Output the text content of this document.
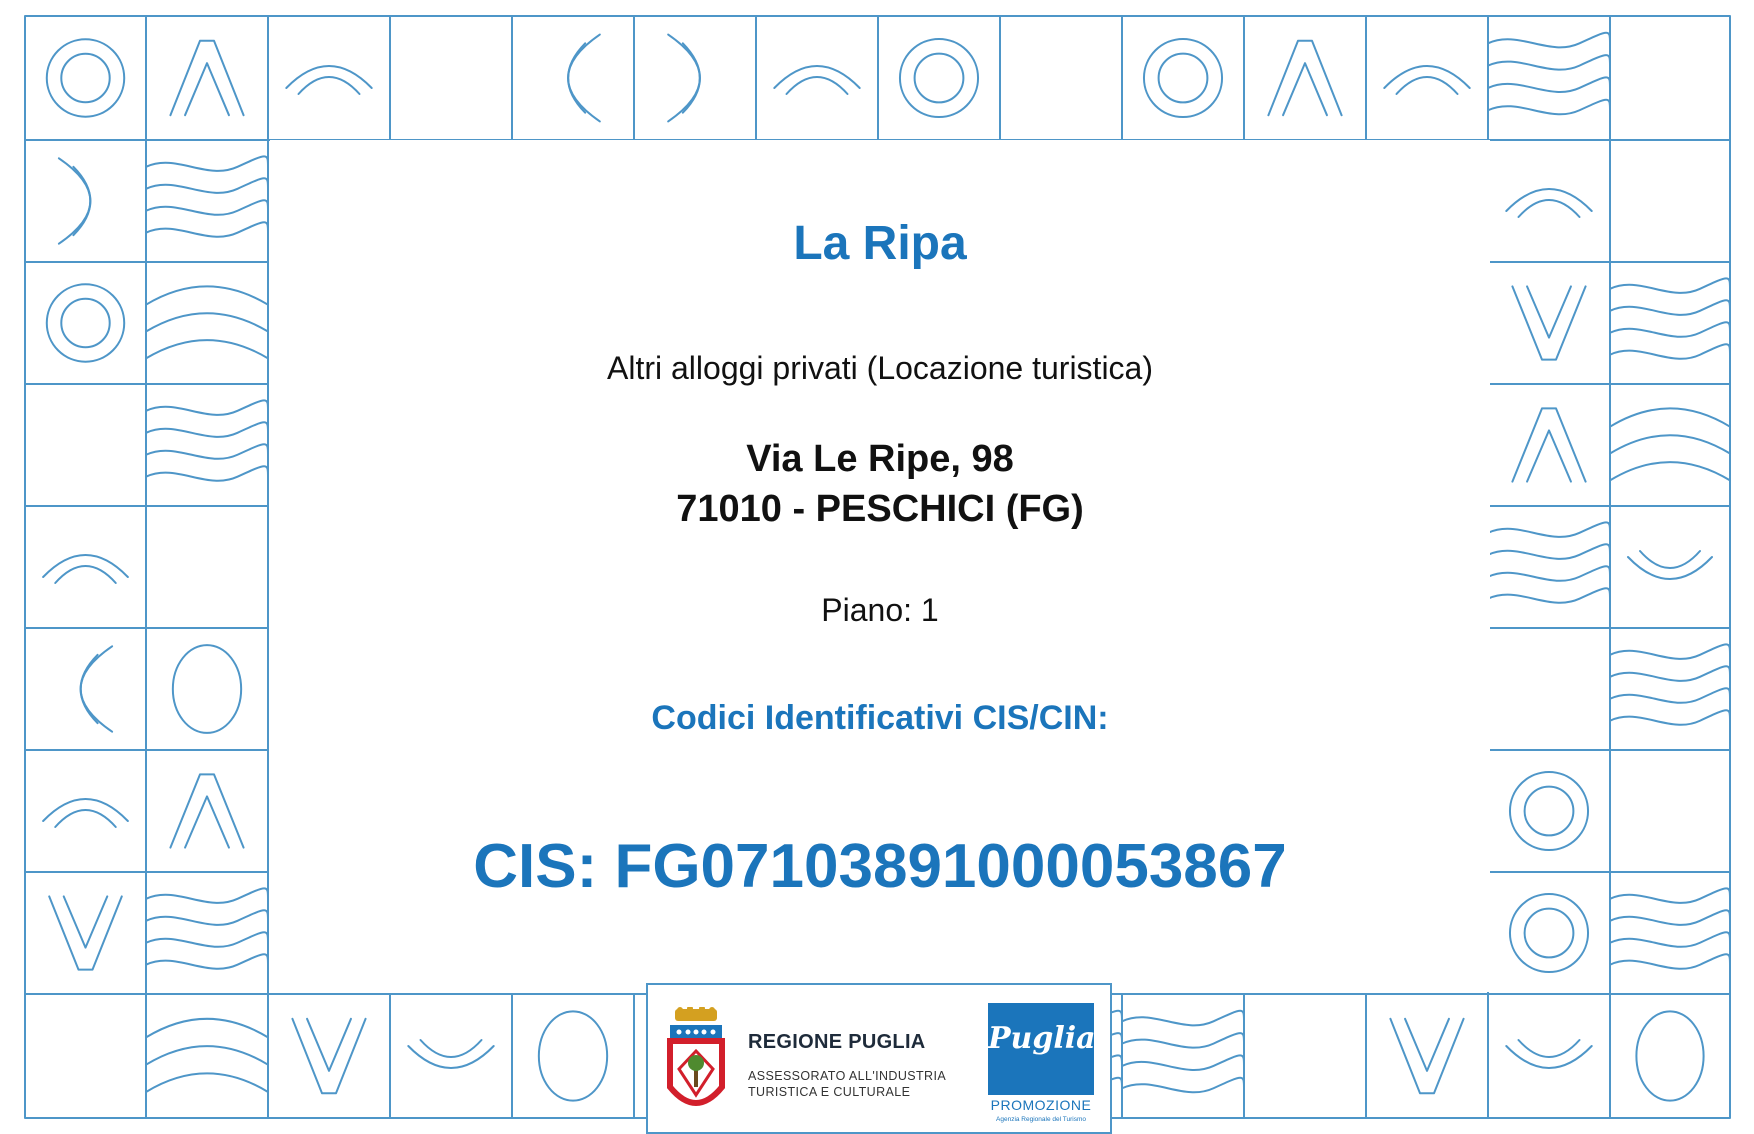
La Ripa

Altri alloggi privati (Locazione turistica)

Via Le Ripe, 98
71010 - PESCHICI (FG)

Piano: 1

Codici Identificativi CIS/CIN:

CIS: FG07103891000053867

REGIONE PUGLIA
ASSESSORATO ALL'INDUSTRIA
TURISTICA E CULTURALE
Puglia
PROMOZIONE
Agenzia Regionale del Turismo
